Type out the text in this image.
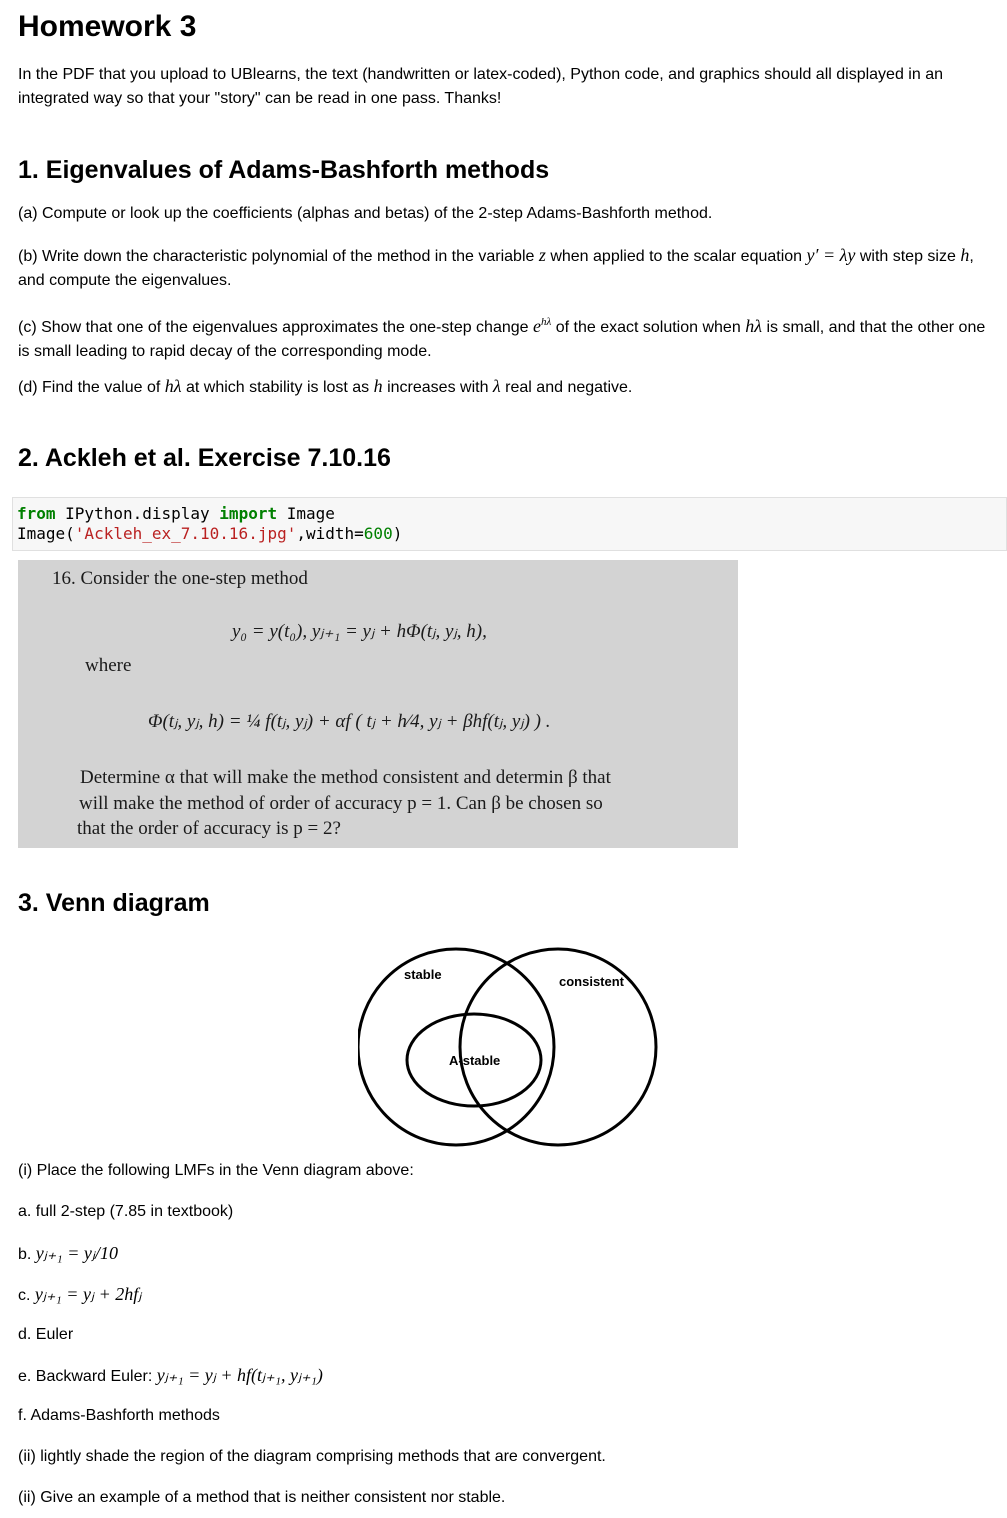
Homework 3

In the PDF that you upload to UBlearns, the text (handwritten or latex-coded), Python code, and graphics should all displayed in an integrated way so that your "story" can be read in one pass. Thanks!

1. Eigenvalues of Adams-Bashforth methods

(a) Compute or look up the coefficients (alphas and betas) of the 2-step Adams-Bashforth method.

(b) Write down the characteristic polynomial of the method in the variable z when applied to the scalar equation y′ = λy with step size h, and compute the eigenvalues.

(c) Show that one of the eigenvalues approximates the one-step change $e^{h\lambda}$ of the exact solution when hλ is small, and that the other one is small leading to rapid decay of the corresponding mode.

(d) Find the value of hλ at which stability is lost as h increases with λ real and negative.

2. Ackleh et al. Exercise 7.10.16
from IPython.display import Image
Image('Ackleh_ex_7.10.16.jpg',width=600)
16. Consider the one-step method
y₀ = y(t₀), yⱼ₊₁ = yⱼ + hΦ(tⱼ, yⱼ, h),
where
Φ(tⱼ, yⱼ, h) = ¼ f(tⱼ, yⱼ) + αf ( tⱼ + h⁄4, yⱼ + βhf(tⱼ, yⱼ) ) .
Determine α that will make the method consistent and determin β that
will make the method of order of accuracy p = 1. Can β be chosen so
that the order of accuracy is p = 2?
3. Venn diagram
stable	consistent
A-stable

(i) Place the following LMFs in the Venn diagram above:

a. full 2-step (7.85 in textbook)

b. yⱼ₊₁ = yⱼ/10

c. yⱼ₊₁ = yⱼ + 2hfⱼ

d. Euler

e. Backward Euler: yⱼ₊₁ = yⱼ + hf(tⱼ₊₁, yⱼ₊₁)

f. Adams-Bashforth methods

(ii) lightly shade the region of the diagram comprising methods that are convergent.

(ii) Give an example of a method that is neither consistent nor stable.
